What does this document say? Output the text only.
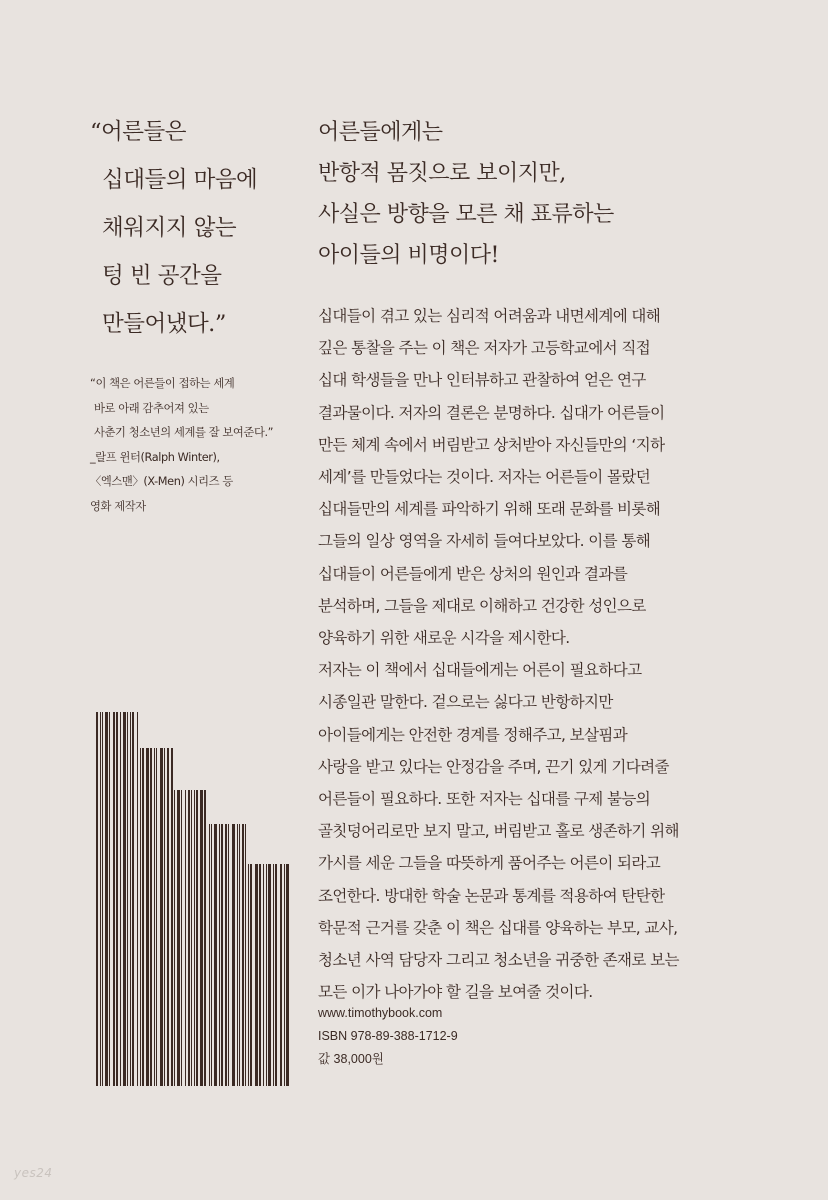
“어른들은
십대들의 마음에
채워지지 않는
텅 빈 공간을
만들어냈다.”
“이 책은 어른들이 접하는 세계
바로 아래 감추어져 있는
사춘기 청소년의 세계를 잘 보여준다.”
_랄프 윈터(Ralph Winter),
〈엑스맨〉(X-Men) 시리즈 등
영화 제작자
어른들에게는
반항적 몸짓으로 보이지만,
사실은 방향을 모른 채 표류하는
아이들의 비명이다!
십대들이 겪고 있는 심리적 어려움과 내면세계에 대해
깊은 통찰을 주는 이 책은 저자가 고등학교에서 직접
십대 학생들을 만나 인터뷰하고 관찰하여 얻은 연구
결과물이다. 저자의 결론은 분명하다. 십대가 어른들이
만든 체계 속에서 버림받고 상처받아 자신들만의 ‘지하
세계’를 만들었다는 것이다. 저자는 어른들이 몰랐던
십대들만의 세계를 파악하기 위해 또래 문화를 비롯해
그들의 일상 영역을 자세히 들여다보았다. 이를 통해
십대들이 어른들에게 받은 상처의 원인과 결과를
분석하며, 그들을 제대로 이해하고 건강한 성인으로
양육하기 위한 새로운 시각을 제시한다.
저자는 이 책에서 십대들에게는 어른이 필요하다고
시종일관 말한다. 겉으로는 싫다고 반항하지만
아이들에게는 안전한 경계를 정해주고, 보살핌과
사랑을 받고 있다는 안정감을 주며, 끈기 있게 기다려줄
어른들이 필요하다. 또한 저자는 십대를 구제 불능의
골칫덩어리로만 보지 말고, 버림받고 홀로 생존하기 위해
가시를 세운 그들을 따뜻하게 품어주는 어른이 되라고
조언한다. 방대한 학술 논문과 통계를 적용하여 탄탄한
학문적 근거를 갖춘 이 책은 십대를 양육하는 부모, 교사,
청소년 사역 담당자 그리고 청소년을 귀중한 존재로 보는
모든 이가 나아가야 할 길을 보여줄 것이다.
www.timothybook.com
ISBN 978-89-388-1712-9
값 38,000원
yes24
